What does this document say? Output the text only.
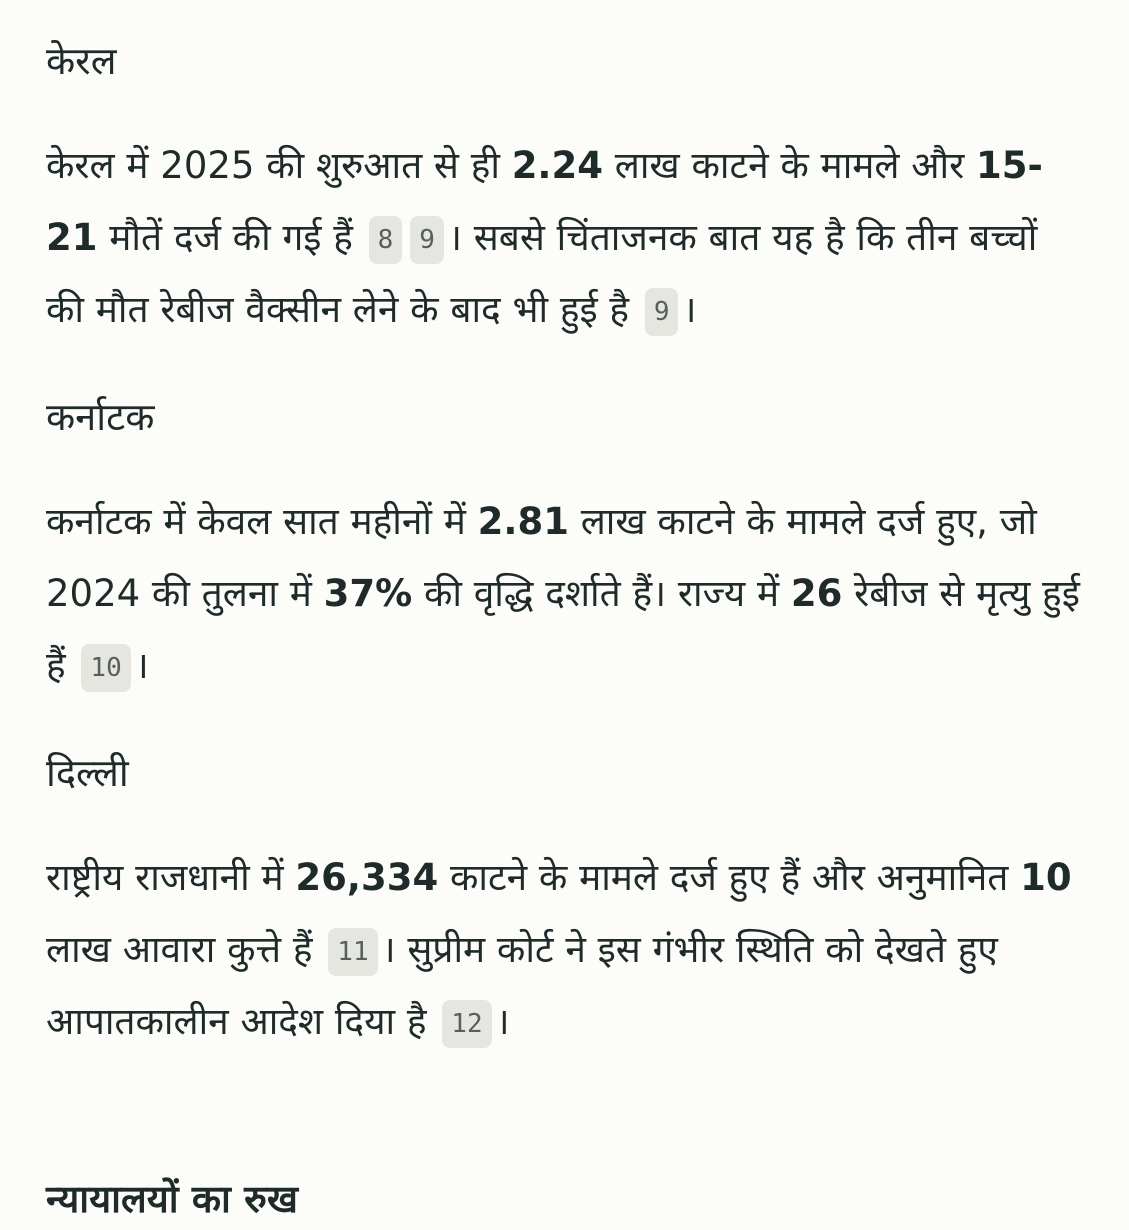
केरल

केरल में 2025 की शुरुआत से ही 2.24 लाख काटने के मामले और 15-21 मौतें दर्ज की गई हैं 8 9 । सबसे चिंताजनक बात यह है कि तीन बच्चों की मौत रेबीज वैक्सीन लेने के बाद भी हुई है 9 ।

कर्नाटक

कर्नाटक में केवल सात महीनों में 2.81 लाख काटने के मामले दर्ज हुए, जो 2024 की तुलना में 37% की वृद्धि दर्शाते हैं। राज्य में 26 रेबीज से मृत्यु हुई हैं 10 ।

दिल्ली

राष्ट्रीय राजधानी में 26,334 काटने के मामले दर्ज हुए हैं और अनुमानित 10 लाख आवारा कुत्ते हैं 11 । सुप्रीम कोर्ट ने इस गंभीर स्थिति को देखते हुए आपातकालीन आदेश दिया है 12 ।

न्यायालयों का रुख
